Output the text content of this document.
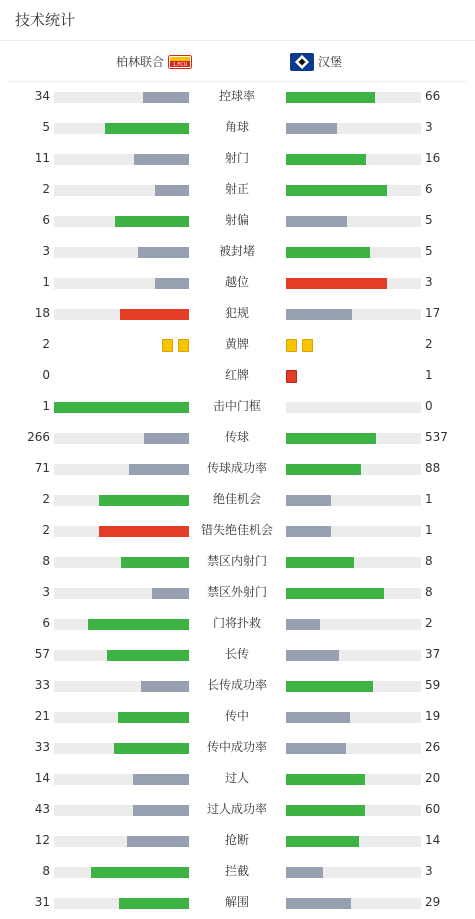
技术统计
柏林联合 1.FCU	汉堡
34	控球率	66
5	角球	3
11	射门	16
2	射正	6
6	射偏	5
3	被封堵	5
1	越位	3
18	犯规	17
2	黄牌	2
0	红牌	1
1	击中门框	0
266	传球	537
71	传球成功率	88
2	绝佳机会	1
2	错失绝佳机会	1
8	禁区内射门	8
3	禁区外射门	8
6	门将扑救	2
57	长传	37
33	长传成功率	59
21	传中	19
33	传中成功率	26
14	过人	20
43	过人成功率	60
12	抢断	14
8	拦截	3
31	解围	29
